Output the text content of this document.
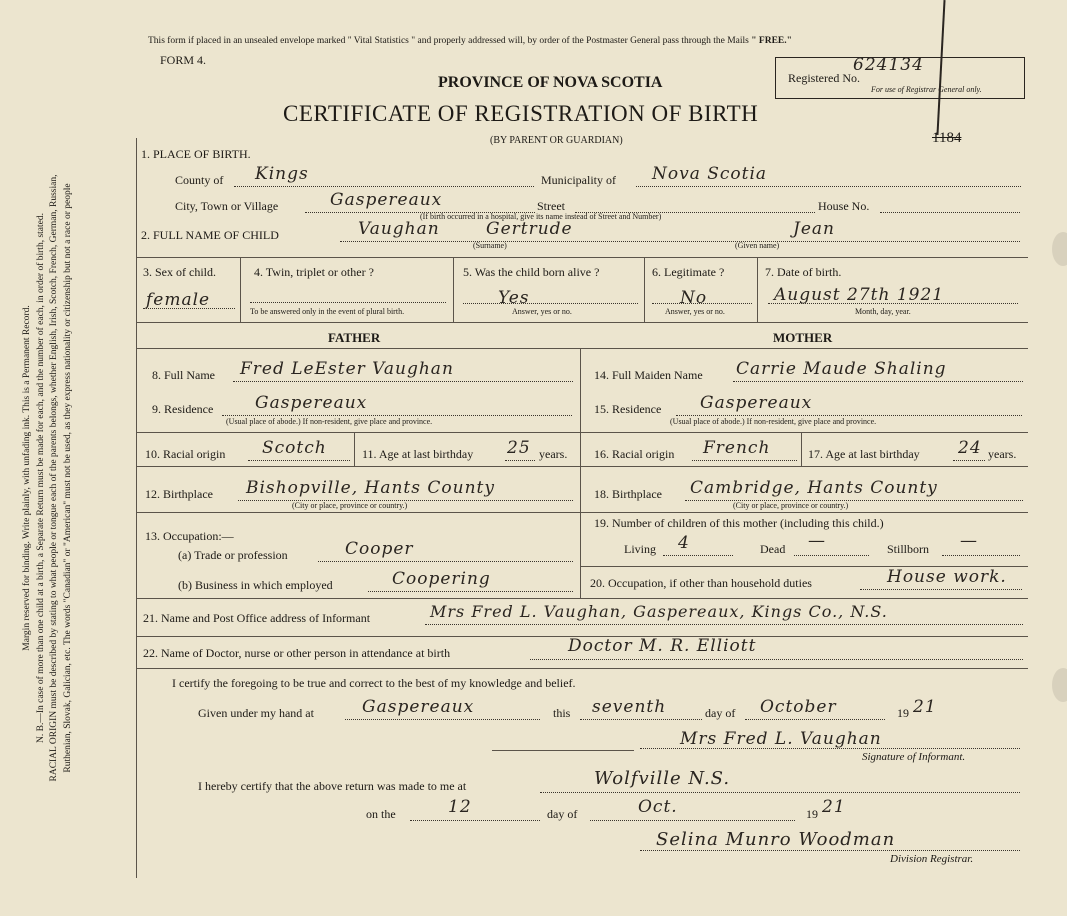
Margin reserved for binding. Write plainly, with unfading ink. This is a Permanent Record. N. B.—In case of more than one child at a birth, a Separate Return must be made for each, and the number of each, in order of birth, stated. RACIAL ORIGIN must be described by stating to what people or tongue each of the parents belongs, whether English, Irish, Scotch, French, German, Russian, Ruthenian, Slovak, Galician, etc. The words "Canadian" or "American" must not be used, as they express nationality or citizenship but not a race or people
This form if placed in an unsealed envelope marked " Vital Statistics " and properly addressed will, by order of the Postmaster General pass through the Mails " FREE."
FORM 4.
PROVINCE OF NOVA SCOTIA
CERTIFICATE OF REGISTRATION OF BIRTH
(BY PARENT OR GUARDIAN)
624134
Registered No.
For use of Registrar General only.
1184
1. PLACE OF BIRTH.
County of Kings	Municipality of Nova Scotia
City, Town or Village	Gaspereaux	Street	House No.
(If birth occurred in a hospital, give its name instead of Street and Number)
2. FULL NAME OF CHILD	Vaughan	Gertrude	Jean
(Surname)	(Given name)
3. Sex of child.
female
4. Twin, triplet or other ?
To be answered only in the event of plural birth.
5. Was the child born alive ?
Yes
Answer, yes or no.
6. Legitimate ?
No
Answer, yes or no.
7. Date of birth.
August 27th 1921
Month, day, year.
FATHER	MOTHER
8. Full Name Fred LeEster Vaughan
9. Residence Gaspereaux
(Usual place of abode.) If non-resident, give place and province.
10. Racial origin Scotch	11. Age at last birthday 25 years.
12. Birthplace Bishopville, Hants County
(City or place, province or country.)
13. Occupation:—
(a) Trade or profession	Cooper
(b) Business in which employed	Coopering
14. Full Maiden Name Carrie Maude Shaling
15. Residence Gaspereaux
(Usual place of abode.) If non-resident, give place and province.
16. Racial origin French	17. Age at last birthday 24 years.
18. Birthplace Cambridge, Hants County
(City or place, province or country.)
19. Number of children of this mother (including this child.)
Living 4	Dead —	Stillborn —
20. Occupation, if other than household duties	House work.
21. Name and Post Office address of Informant	Mrs Fred L. Vaughan, Gaspereaux, Kings Co., N.S.
22. Name of Doctor, nurse or other person in attendance at birth	Doctor M. R. Elliott
I certify the foregoing to be true and correct to the best of my knowledge and belief.
Given under my hand at	Gaspereaux	this seventh	day of October	19 21
Mrs Fred L. Vaughan
Signature of Informant.
I hereby certify that the above return was made to me at	Wolfville N.S.
on the	12	day of	Oct.	19 21
Selina Munro Woodman
Division Registrar.
